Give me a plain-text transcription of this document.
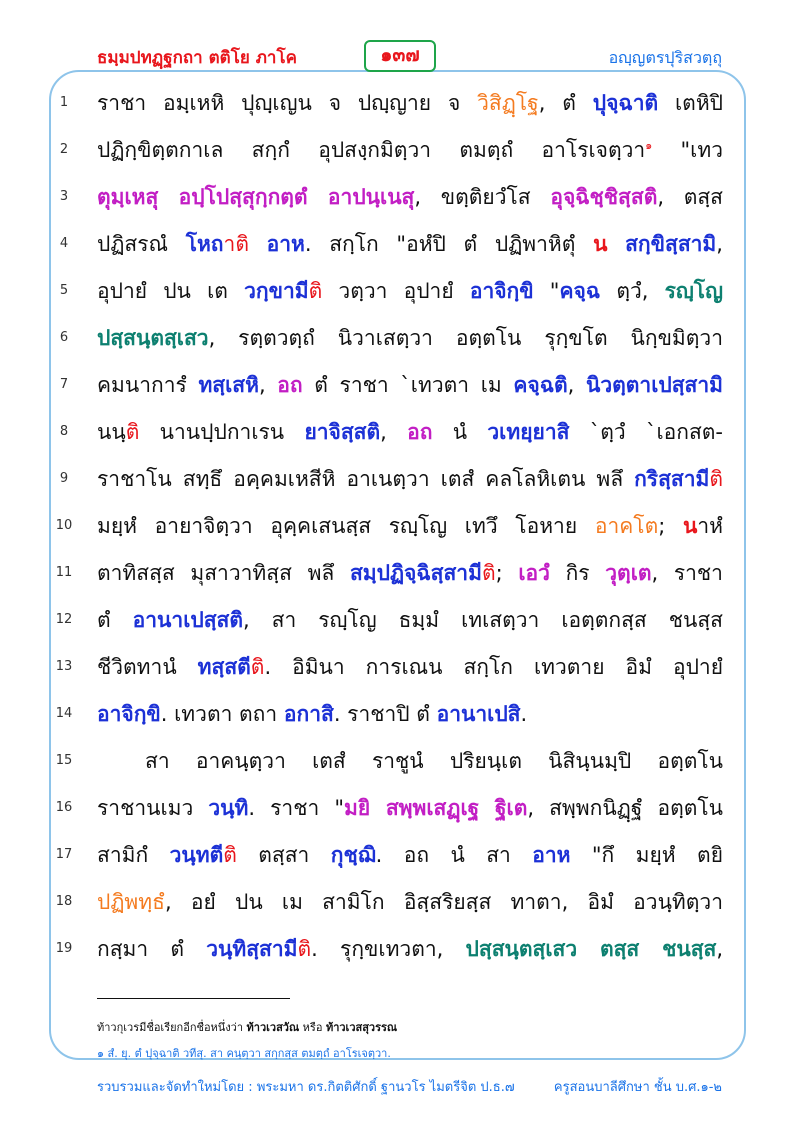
ธมฺมปทฏฺฐกถา ตติโย ภาโค	๑๓๗	อญฺญตรปุริสวตฺถุ
1	ราชา อมฺเหหิ ปุญฺเญน จ ปญฺญาย จ วิสิฏฺโฐ, ตํ ปุจฺฉาติ เตหิปิ
2	ปฏิกฺขิตฺตกาเล สกฺกํ อุปสงฺกมิตฺวา ตมตฺถํ อาโรเจตฺวา$^๑$ "เทว
3	ตุมฺเหสุ อปฺโปสฺสุกฺกตฺตํ อาปนฺเนสุ, ขตฺติยวํโส อุจฺฉิชฺชิสฺสติ, ตสฺส
4	ปฏิสรณํ โหถาติ อาห. สกฺโก "อหํปิ ตํ ปฏิพาหิตุํ น สกฺขิสฺสามิ,
5	อุปายํ ปน เต วกฺขามีติ วตฺวา อุปายํ อาจิกฺขิ "คจฺฉ ตฺวํ, รญฺโญ
6	ปสฺสนฺตสฺเสว, รตฺตวตฺถํ นิวาเสตฺวา อตฺตโน รุกฺขโต นิกฺขมิตฺวา
7	คมนาการํ ทสฺเสหิ, อถ ตํ ราชา `เทวตา เม คจฺฉติ, นิวตฺตาเปสฺสามิ
8	นนฺติ นานปฺปกาเรน ยาจิสฺสติ, อถ นํ วเทยฺยาสิ `ตฺวํ `เอกสต-
9	ราชาโน สทฺธึ อคฺคมเหสีหิ อาเนตฺวา เตสํ คลโลหิเตน พลึ กริสฺสามีติ
10	มยฺหํ อายาจิตฺวา อุคฺคเสนสฺส รญฺโญ เทวึ โอหาย อาคโต; นาหํ
11	ตาทิสสฺส มุสาวาทิสฺส พลึ สมฺปฏิจฺฉิสฺสามีติ; เอวํ กิร วุตฺเต, ราชา
12	ตํ อานาเปสฺสติ, สา รญฺโญ ธมฺมํ เทเสตฺวา เอตฺตกสฺส ชนสฺส
13	ชีวิตทานํ ทสฺสตีติ. อิมินา การเณน สกฺโก เทวตาย อิมํ อุปายํ
14	อาจิกฺขิ. เทวตา ตถา อกาสิ. ราชาปิ ตํ อานาเปสิ.
15	สา อาคนฺตฺวา เตสํ ราชูนํ ปริยนฺเต นิสินฺนมฺปิ อตฺตโน
16	ราชานเมว วนฺทิ. ราชา "มยิ สพฺพเสฏฺเฐ ฐิเต, สพฺพกนิฏฺฐํ อตฺตโน
17	สามิกํ วนฺทตีติ ตสฺสา กุชฺฌิ. อถ นํ สา อาห "กึ มยฺหํ ตยิ
18	ปฏิพทฺธํ, อยํ ปน เม สามิโก อิสฺสริยสฺส ทาตา, อิมํ อวนฺทิตฺวา
19	กสฺมา ตํ วนฺทิสฺสามีติ. รุกฺขเทวตา, ปสฺสนฺตสฺเสว ตสฺส ชนสฺส,
ท้าวกุเวรมีชื่อเรียกอีกชื่อหนึ่งว่า ท้าวเวสวัณ หรือ ท้าวเวสสุวรรณ
๑ สํ. ยุ. ตํ ปุจฺฉาติ วทีสุ. สา คนฺตฺวา สกฺกสฺส ตมตฺถํ อาโรเจตฺวา.
รวบรวมและจัดทำใหม่โดย : พระมหา ดร.กิตติศักดิ์ ฐานวโร ไมตรีจิต ป.ธ.๗	ครูสอนบาลีศึกษา ชั้น บ.ศ.๑-๒
